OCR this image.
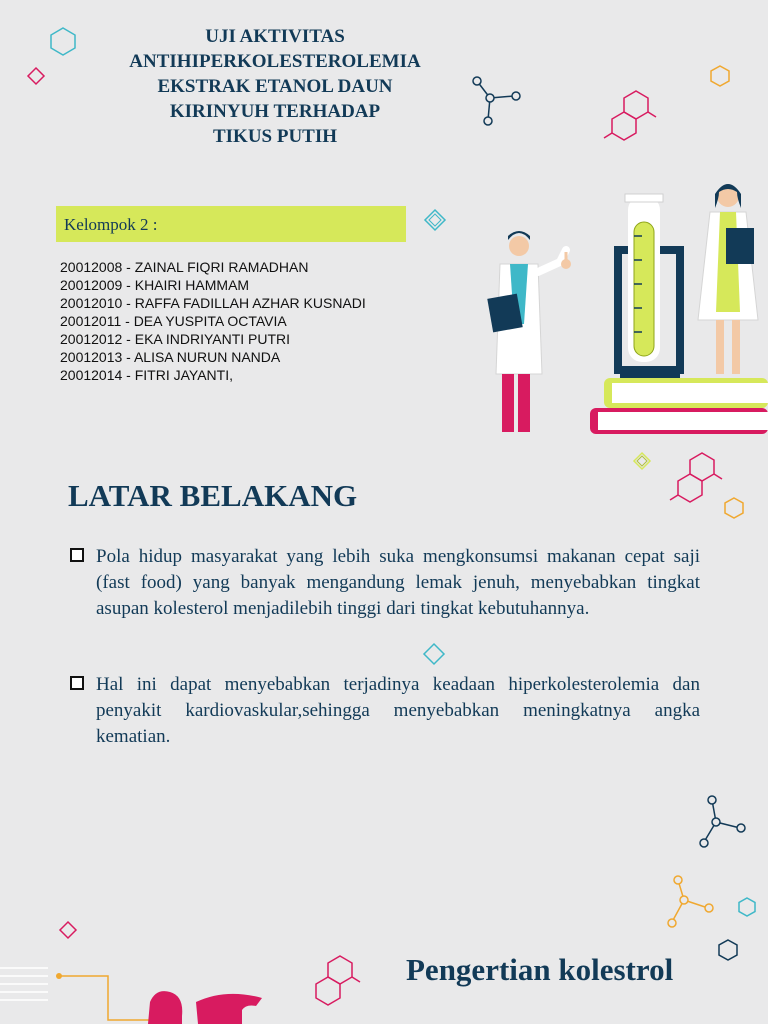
UJI AKTIVITAS
ANTIHIPERKOLESTEROLEMIA
EKSTRAK ETANOL DAUN
KIRINYUH TERHADAP
TIKUS PUTIH
Kelompok 2 :
20012008 - ZAINAL FIQRI RAMADHAN
20012009 - KHAIRI HAMMAM
20012010 - RAFFA FADILLAH AZHAR KUSNADI
20012011 - DEA YUSPITA OCTAVIA
20012012 - EKA INDRIYANTI PUTRI
20012013 - ALISA NURUN NANDA
20012014 - FITRI JAYANTI,
LATAR BELAKANG

Pola hidup masyarakat yang lebih suka mengkonsumsi makanan cepat saji (fast food) yang banyak mengandung lemak jenuh, menyebabkan tingkat asupan kolesterol menjadilebih tinggi dari tingkat kebutuhannya.

Hal ini dapat menyebabkan terjadinya keadaan hiperkolesterolemia dan penyakit kardiovaskular,sehingga menyebabkan meningkatnya angka kematian.

Pengertian kolestrol
